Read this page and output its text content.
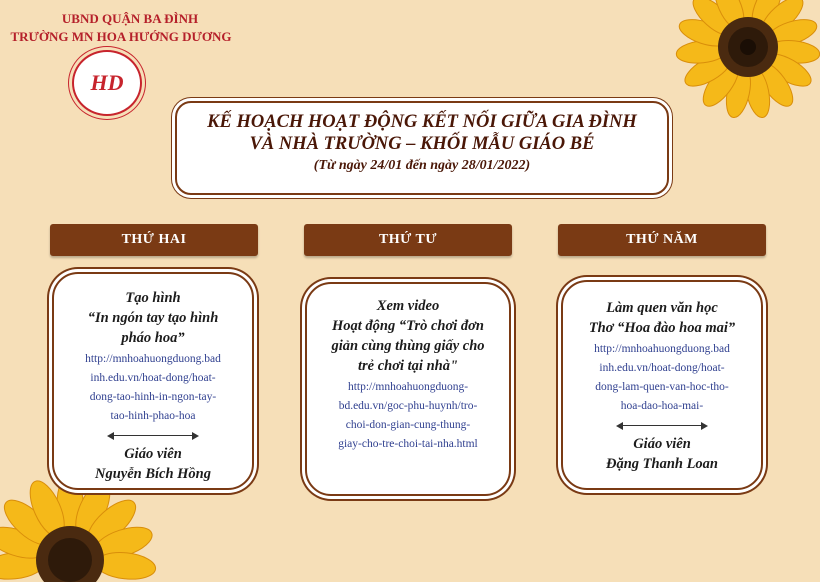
UBND QUẬN BA ĐÌNH
TRƯỜNG MN HOA HƯỚNG DƯƠNG
HD
KẾ HOẠCH HOẠT ĐỘNG KẾT NỐI GIỮA GIA ĐÌNH
VÀ NHÀ TRƯỜNG – KHỐI MẪU GIÁO BÉ
(Từ ngày 24/01 đến ngày 28/01/2022)
THỨ HAI	THỨ TƯ	THỨ NĂM
Tạo hình
“In ngón tay tạo hình
pháo hoa”
http://mnhoahuongduong.bad
inh.edu.vn/hoat-dong/hoat-
dong-tao-hinh-in-ngon-tay-
tao-hinh-phao-hoa
Giáo viên
Nguyễn Bích Hồng
Xem video
Hoạt động “Trò chơi đơn
giản cùng thùng giấy cho
trẻ chơi tại nhà"
http://mnhoahuongduong-
bd.edu.vn/goc-phu-huynh/tro-
choi-don-gian-cung-thung-
giay-cho-tre-choi-tai-nha.html
Làm quen văn học
Thơ “Hoa đào hoa mai”
http://mnhoahuongduong.bad
inh.edu.vn/hoat-dong/hoat-
dong-lam-quen-van-hoc-tho-
hoa-dao-hoa-mai-
Giáo viên
Đặng Thanh Loan
